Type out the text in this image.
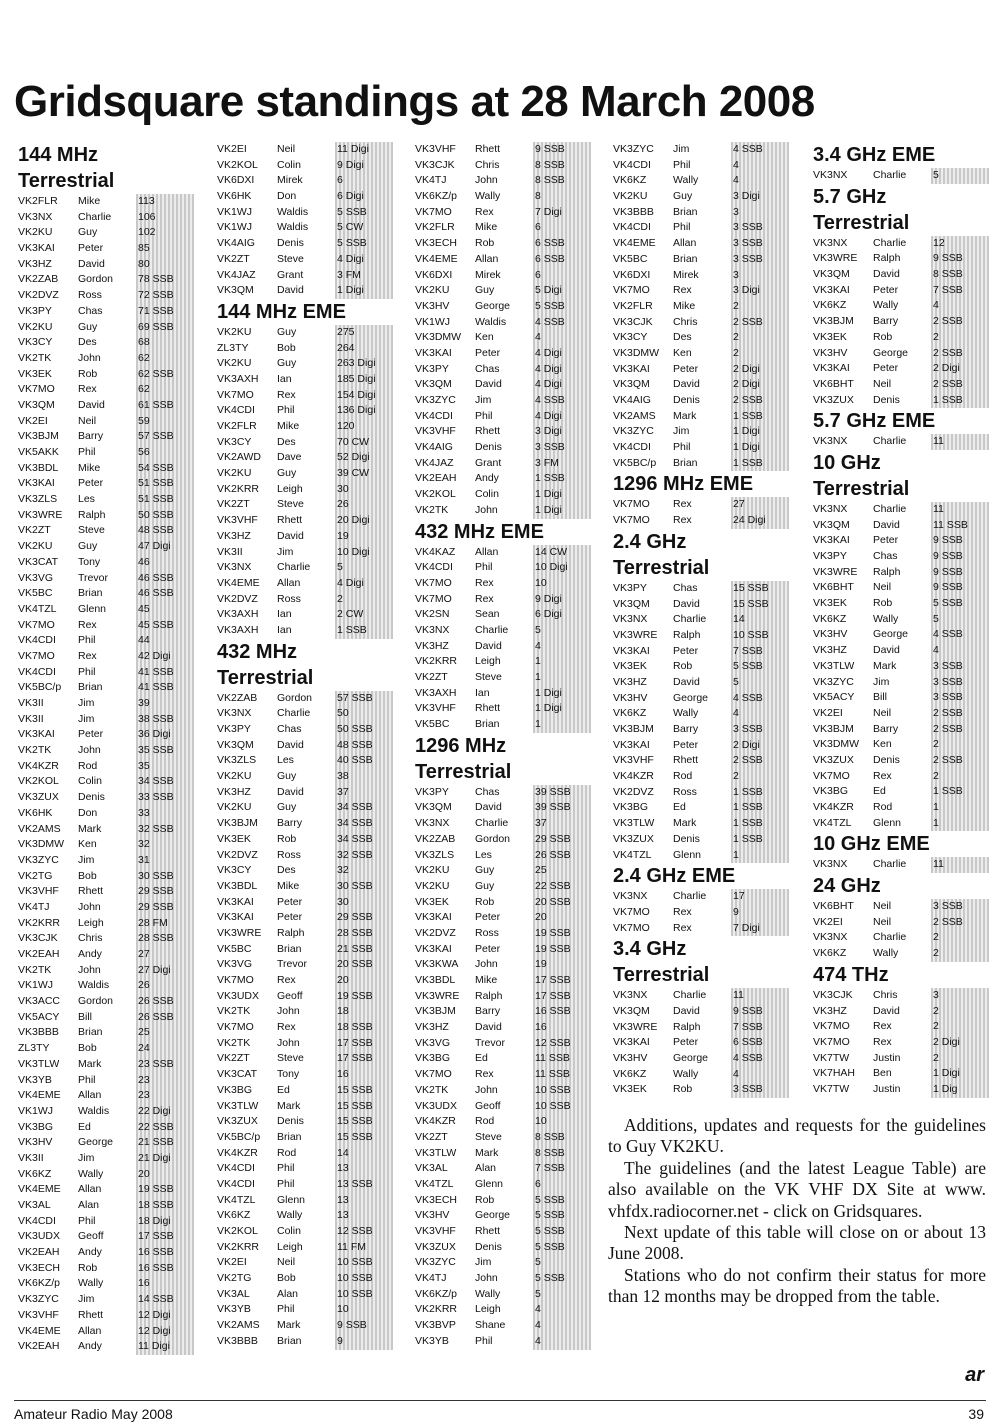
Gridsquare standings at 28 March 2008
144 MHz
Terrestrial
VK2FLR Mike	113
VK3NX Charlie	106
VK2KU Guy	102
VK3KAI Peter	85
VK3HZ David	80
VK2ZAB Gordon 78 SSB
VK2DVZ Ross	72 SSB
VK3PY Chas	71 SSB
VK2KU Guy	69 SSB
VK3CY Des	68
VK2TK	John	62
VK3EK Rob	62 SSB
VK7MO Rex	62
VK3QM David	61 SSB
VK2EI	Neil	59
VK3BJM Barry	57 SSB
VK5AKK Phil	56
VK3BDL Mike	54 SSB
VK3KAI Peter	51 SSB
VK3ZLS Les	51 SSB
VK3WRE Ralph	50 SSB
VK2ZT	Steve	48 SSB
VK2KU Guy	47 Digi
VK3CAT Tony	46
VK3VG Trevor	46 SSB
VK5BC Brian	46 SSB
VK4TZL Glenn	45
VK7MO Rex	45 SSB
VK4CDI Phil	44
VK7MO Rex	42 Digi
VK4CDI Phil	41 SSB
VK5BC/p Brian	41 SSB
VK3II	Jim	39
VK3II	Jim	38 SSB
VK3KAI Peter	36 Digi
VK2TK	John	35 SSB
VK4KZR Rod	35
VK2KOL Colin	34 SSB
VK3ZUX Denis	33 SSB
VK6HK Don	33
VK2AMS Mark	32 SSB
VK3DMW Ken	32
VK3ZYC Jim	31
VK2TG Bob	30 SSB
VK3VHF Rhett	29 SSB
VK4TJ	John	29 SSB
VK2KRR Leigh	28 FM
VK3CJK Chris	28 SSB
VK2EAH Andy	27
VK2TK	John	27 Digi
VK1WJ Waldis	26
VK3ACC Gordon 26 SSB
VK5ACY Bill	26 SSB
VK3BBB Brian	25
ZL3TY	Bob	24
VK3TLW Mark	23 SSB
VK3YB Phil	23
VK4EME Allan	23
VK1WJ Waldis	22 Digi
VK3BG Ed	22 SSB
VK3HV George 21 SSB
VK3II	Jim	21 Digi
VK6KZ	Wally	20
VK4EME Allan	19 SSB
VK3AL	Alan	18 SSB
VK4CDI Phil	18 Digi
VK3UDX Geoff	17 SSB
VK2EAH Andy	16 SSB
VK3ECH Rob	16 SSB
VK6KZ/p Wally	16
VK3ZYC Jim	14 SSB
VK3VHF Rhett	12 Digi
VK4EME Allan	12 Digi
VK2EAH Andy	11 Digi
VK2EI	Neil	11 Digi
VK2KOL Colin	9 Digi
VK6DXI Mirek	6
VK6HK Don	6 Digi
VK1WJ Waldis	5 SSB
VK1WJ Waldis	5 CW
VK4AIG Denis	5 SSB
VK2ZT	Steve	4 Digi
VK4JAZ Grant	3 FM
VK3QM David	1 Digi
144 MHz EME
VK2KU Guy	275
ZL3TY	Bob	264
VK2KU Guy	263 Digi
VK3AXH Ian	185 Digi
VK7MO Rex	154 Digi
VK4CDI Phil	136 Digi
VK2FLR Mike	120
VK3CY Des	70 CW
VK2AWD Dave	52 Digi
VK2KU Guy	39 CW
VK2KRR Leigh	30
VK2ZT	Steve	26
VK3VHF Rhett	20 Digi
VK3HZ David	19
VK3II	Jim	10 Digi
VK3NX Charlie	5
VK4EME Allan	4 Digi
VK2DVZ Ross	2
VK3AXH Ian	2 CW
VK3AXH Ian	1 SSB
432 MHz
Terrestrial
VK2ZAB Gordon 57 SSB
VK3NX Charlie	50
VK3PY Chas	50 SSB
VK3QM David	48 SSB
VK3ZLS Les	40 SSB
VK2KU Guy	38
VK3HZ David	37
VK2KU Guy	34 SSB
VK3BJM Barry	34 SSB
VK3EK Rob	34 SSB
VK2DVZ Ross	32 SSB
VK3CY Des	32
VK3BDL Mike	30 SSB
VK3KAI Peter	30
VK3KAI Peter	29 SSB
VK3WRE Ralph	28 SSB
VK5BC Brian	21 SSB
VK3VG Trevor	20 SSB
VK7MO Rex	20
VK3UDX Geoff	19 SSB
VK2TK	John	18
VK7MO Rex	18 SSB
VK2TK	John	17 SSB
VK2ZT	Steve	17 SSB
VK3CAT Tony	16
VK3BG Ed	15 SSB
VK3TLW Mark	15 SSB
VK3ZUX Denis	15 SSB
VK5BC/p Brian	15 SSB
VK4KZR Rod	14
VK4CDI Phil	13
VK4CDI Phil	13 SSB
VK4TZL Glenn	13
VK6KZ	Wally	13
VK2KOL Colin	12 SSB
VK2KRR Leigh	11 FM
VK2EI	Neil	10 SSB
VK2TG Bob	10 SSB
VK3AL	Alan	10 SSB
VK3YB Phil	10
VK2AMS Mark	9 SSB
VK3BBB Brian	9
VK3VHF Rhett	9 SSB
VK3CJK Chris	8 SSB
VK4TJ	John	8 SSB
VK6KZ/p Wally	8
VK7MO Rex	7 Digi
VK2FLR Mike	6
VK3ECH Rob	6 SSB
VK4EME Allan	6 SSB
VK6DXI Mirek	6
VK2KU Guy	5 Digi
VK3HV George 5 SSB
VK1WJ Waldis	4 SSB
VK3DMW Ken	4
VK3KAI Peter	4 Digi
VK3PY Chas	4 Digi
VK3QM David	4 Digi
VK3ZYC Jim	4 SSB
VK4CDI Phil	4 Digi
VK3VHF Rhett	3 Digi
VK4AIG Denis	3 SSB
VK4JAZ Grant	3 FM
VK2EAH Andy	1 SSB
VK2KOL Colin	1 Digi
VK2TK	John	1 Digi
432 MHz EME
VK4KAZ Allan	14 CW
VK4CDI Phil	10 Digi
VK7MO Rex	10
VK7MO Rex	9 Digi
VK2SN Sean	6 Digi
VK3NX Charlie	5
VK3HZ David	4
VK2KRR Leigh	1
VK2ZT	Steve	1
VK3AXH Ian	1 Digi
VK3VHF Rhett	1 Digi
VK5BC Brian	1
1296 MHz
Terrestrial
VK3PY Chas	39 SSB
VK3QM David	39 SSB
VK3NX Charlie	37
VK2ZAB Gordon 29 SSB
VK3ZLS Les	26 SSB
VK2KU Guy	25
VK2KU Guy	22 SSB
VK3EK Rob	20 SSB
VK3KAI Peter	20
VK2DVZ Ross	19 SSB
VK3KAI Peter	19 SSB
VK3KWA John	19
VK3BDL Mike	17 SSB
VK3WRE Ralph	17 SSB
VK3BJM Barry	16 SSB
VK3HZ David	16
VK3VG Trevor	12 SSB
VK3BG Ed	11 SSB
VK7MO Rex	11 SSB
VK2TK	John	10 SSB
VK3UDX Geoff	10 SSB
VK4KZR Rod	10
VK2ZT	Steve	8 SSB
VK3TLW Mark	8 SSB
VK3AL	Alan	7 SSB
VK4TZL Glenn	6
VK3ECH Rob	5 SSB
VK3HV George 5 SSB
VK3VHF Rhett	5 SSB
VK3ZUX Denis	5 SSB
VK3ZYC Jim	5
VK4TJ	John	5 SSB
VK6KZ/p Wally	5
VK2KRR Leigh	4
VK3BVP Shane	4
VK3YB Phil	4
VK3ZYC Jim	4 SSB
VK4CDI Phil	4
VK6KZ	Wally	4
VK2KU Guy	3 Digi
VK3BBB Brian	3
VK4CDI Phil	3 SSB
VK4EME Allan	3 SSB
VK5BC Brian	3 SSB
VK6DXI Mirek	3
VK7MO Rex	3 Digi
VK2FLR Mike	2
VK3CJK Chris	2 SSB
VK3CY Des	2
VK3DMW Ken	2
VK3KAI Peter	2 Digi
VK3QM David	2 Digi
VK4AIG Denis	2 SSB
VK2AMS Mark	1 SSB
VK3ZYC Jim	1 Digi
VK4CDI Phil	1 Digi
VK5BC/p Brian	1 SSB
1296 MHz EME
VK7MO Rex	27
VK7MO Rex	24 Digi
2.4 GHz
Terrestrial
VK3PY Chas	15 SSB
VK3QM David	15 SSB
VK3NX Charlie	14
VK3WRE Ralph	10 SSB
VK3KAI Peter	7 SSB
VK3EK Rob	5 SSB
VK3HZ David	5
VK3HV George 4 SSB
VK6KZ	Wally	4
VK3BJM Barry	3 SSB
VK3KAI Peter	2 Digi
VK3VHF Rhett	2 SSB
VK4KZR Rod	2
VK2DVZ Ross	1 SSB
VK3BG Ed	1 SSB
VK3TLW Mark	1 SSB
VK3ZUX Denis	1 SSB
VK4TZL Glenn	1
2.4 GHz EME
VK3NX Charlie	17
VK7MO Rex	9
VK7MO Rex	7 Digi
3.4 GHz
Terrestrial
VK3NX Charlie	11
VK3QM David	9 SSB
VK3WRE Ralph	7 SSB
VK3KAI Peter	6 SSB
VK3HV George 4 SSB
VK6KZ	Wally	4
VK3EK Rob	3 SSB
3.4 GHz EME
VK3NX Charlie	5
5.7 GHz
Terrestrial
VK3NX Charlie	12
VK3WRE Ralph	9 SSB
VK3QM David	8 SSB
VK3KAI Peter	7 SSB
VK6KZ	Wally	4
VK3BJM Barry	2 SSB
VK3EK Rob	2
VK3HV George 2 SSB
VK3KAI Peter	2 Digi
VK6BHT Neil	2 SSB
VK3ZUX Denis	1 SSB
5.7 GHz EME
VK3NX Charlie	11
10 GHz
Terrestrial
VK3NX Charlie	11
VK3QM David	11 SSB
VK3KAI Peter	9 SSB
VK3PY Chas	9 SSB
VK3WRE Ralph	9 SSB
VK6BHT Neil	9 SSB
VK3EK Rob	5 SSB
VK6KZ	Wally	5
VK3HV George 4 SSB
VK3HZ David	4
VK3TLW Mark	3 SSB
VK3ZYC Jim	3 SSB
VK5ACY Bill	3 SSB
VK2EI	Neil	2 SSB
VK3BJM Barry	2 SSB
VK3DMW Ken	2
VK3ZUX Denis	2 SSB
VK7MO Rex	2
VK3BG Ed	1 SSB
VK4KZR Rod	1
VK4TZL Glenn	1
10 GHz EME
VK3NX Charlie	11
24 GHz
VK6BHT Neil	3 SSB
VK2EI	Neil	2 SSB
VK3NX Charlie	2
VK6KZ	Wally	2
474 THz
VK3CJK Chris	3
VK3HZ David	2
VK7MO Rex	2
VK7MO Rex	2 Digi
VK7TW Justin	2
VK7HAH Ben	1 Digi
VK7TW Justin	1 Dig

Additions, updates and requests for the guidelines to Guy VK2KU.

The guidelines (and the latest League Table) are also available on the VK VHF DX Site at www. vhfdx.radiocorner.net - click on Gridsquares.

Next update of this table will close on or about 13 June 2008.

Stations who do not confirm their status for more than 12 months may be dropped from the table.

ar
Amateur Radio May 2008	39
